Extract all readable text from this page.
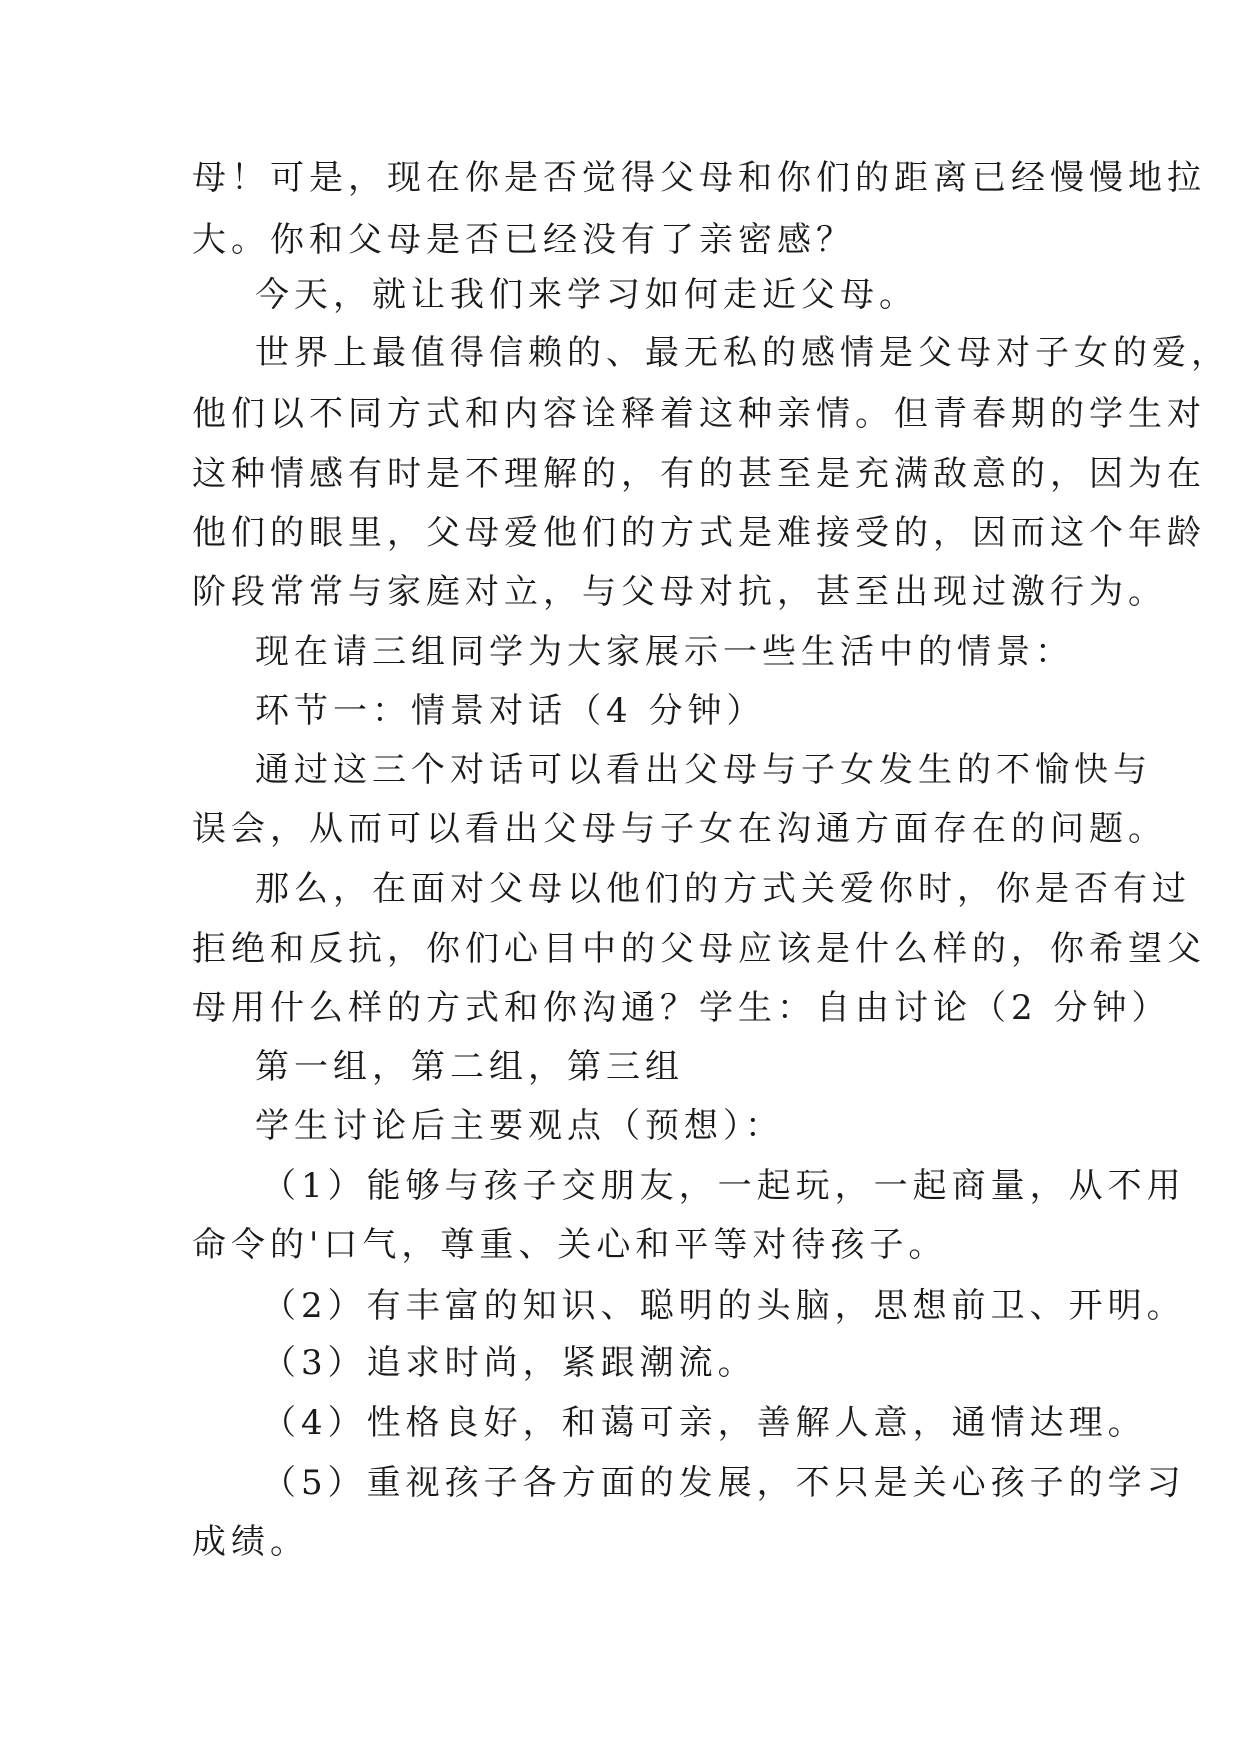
母！可是，现在你是否觉得父母和你们的距离已经慢慢地拉
大。你和父母是否已经没有了亲密感？
今天，就让我们来学习如何走近父母。
世界上最值得信赖的、最无私的感情是父母对子女的爱，
他们以不同方式和内容诠释着这种亲情。但青春期的学生对
这种情感有时是不理解的，有的甚至是充满敌意的，因为在
他们的眼里，父母爱他们的方式是难接受的，因而这个年龄
阶段常常与家庭对立，与父母对抗，甚至出现过激行为。
现在请三组同学为大家展示一些生活中的情景：
环节一：情景对话（4 分钟）
通过这三个对话可以看出父母与子女发生的不愉快与
误会，从而可以看出父母与子女在沟通方面存在的问题。
那么，在面对父母以他们的方式关爱你时，你是否有过
拒绝和反抗，你们心目中的父母应该是什么样的，你希望父
母用什么样的方式和你沟通？学生：自由讨论（2 分钟）
第一组，第二组，第三组
学生讨论后主要观点（预想）：
（1）能够与孩子交朋友，一起玩，一起商量，从不用
命令的'口气，尊重、关心和平等对待孩子。
（2）有丰富的知识、聪明的头脑，思想前卫、开明。
（3）追求时尚，紧跟潮流。
（4）性格良好，和蔼可亲，善解人意，通情达理。
（5）重视孩子各方面的发展，不只是关心孩子的学习
成绩。
